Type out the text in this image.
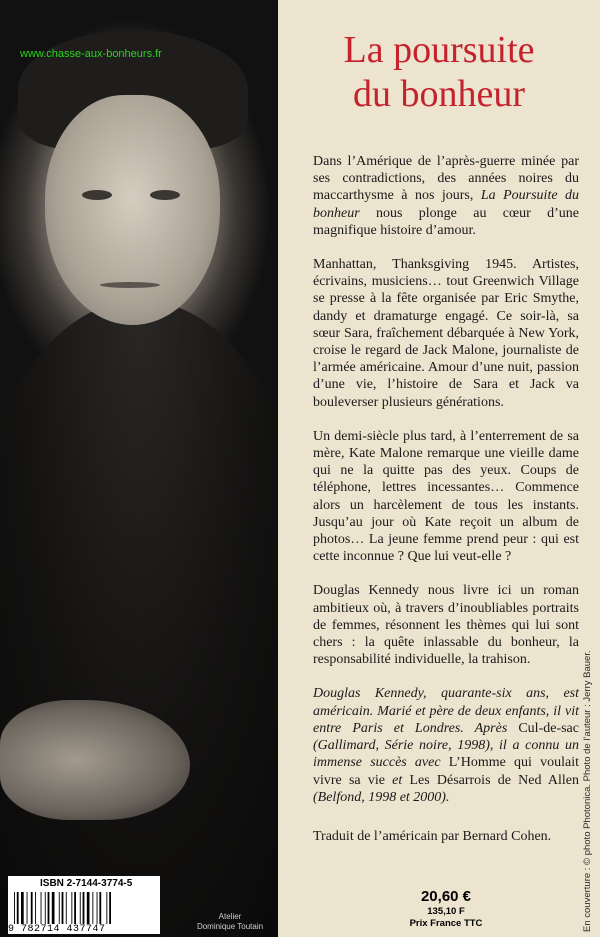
www.chasse-aux-bonheurs.fr	La poursuite
du bonheur

Dans l’Amérique de l’après-guerre minée par ses contradictions, des années noires du maccarthysme à nos jours, La Poursuite du bonheur nous plonge au cœur d’une magnifique histoire d’amour.

Manhattan, Thanksgiving 1945. Artistes, écrivains, musiciens… tout Greenwich Village se presse à la fête organisée par Eric Smythe, dandy et dramaturge engagé. Ce soir-là, sa sœur Sara, fraîchement débarquée à New York, croise le regard de Jack Malone, journaliste de l’armée américaine. Amour d’une nuit, passion d’une vie, l’histoire de Sara et Jack va bouleverser plusieurs générations.

Un demi-siècle plus tard, à l’enterrement de sa mère, Kate Malone remarque une vieille dame qui ne la quitte pas des yeux. Coups de téléphone, lettres incessantes… Commence alors un harcèlement de tous les instants. Jusqu’au jour où Kate reçoit un album de photos… La jeune femme prend peur : qui est cette inconnue ? Que lui veut-elle ?

Douglas Kennedy nous livre ici un roman ambitieux où, à travers d’inoubliables portraits de femmes, résonnent les thèmes qui lui sont chers : la quête inlassable du bonheur, la responsabilité individuelle, la trahison.

Douglas Kennedy, quarante-six ans, est américain. Marié et père de deux enfants, il vit entre Paris et Londres. Après Cul-de-sac (Gallimard, Série noire, 1998), il a connu un immense succès avec L’Homme qui voulait vivre sa vie et Les Désarrois de Ned Allen (Belfond, 1998 et 2000).

Traduit de l’américain par Bernard Cohen.	En couverture : © photo Photonica. Photo de l’auteur : Jerry Bauer.
ISBN 2-7144-3774-5
9 782714 437747
Atelier
Dominique Toutain
20,60 €
135,10 F
Prix France TTC
